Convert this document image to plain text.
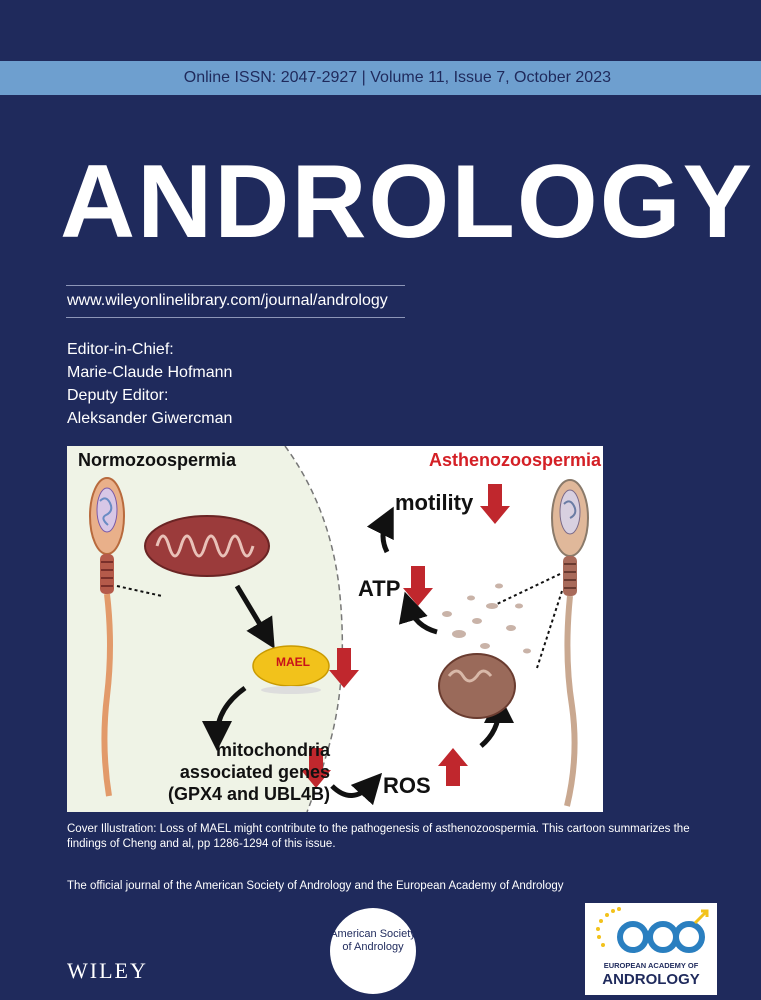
Online ISSN: 2047-2927 | Volume 11, Issue 7, October 2023
ANDROLOGY
www.wileyonlinelibrary.com/journal/andrology
Editor-in-Chief:
Marie-Claude Hofmann
Deputy Editor:
Aleksander Giwercman
Normozoospermia	Asthenozoospermia
motility
ATP
MAEL
mitochondria associated genes (GPX4 and UBL4B) ROS
Cover Illustration: Loss of MAEL might contribute to the pathogenesis of asthenozoospermia. This cartoon summarizes the findings of Cheng and al, pp 1286-1294 of this issue.
The official journal of the American Society of Andrology and the European Academy of Andrology
WILEY
American Society of Andrology
EUROPEAN ACADEMY OF
ANDROLOGY
